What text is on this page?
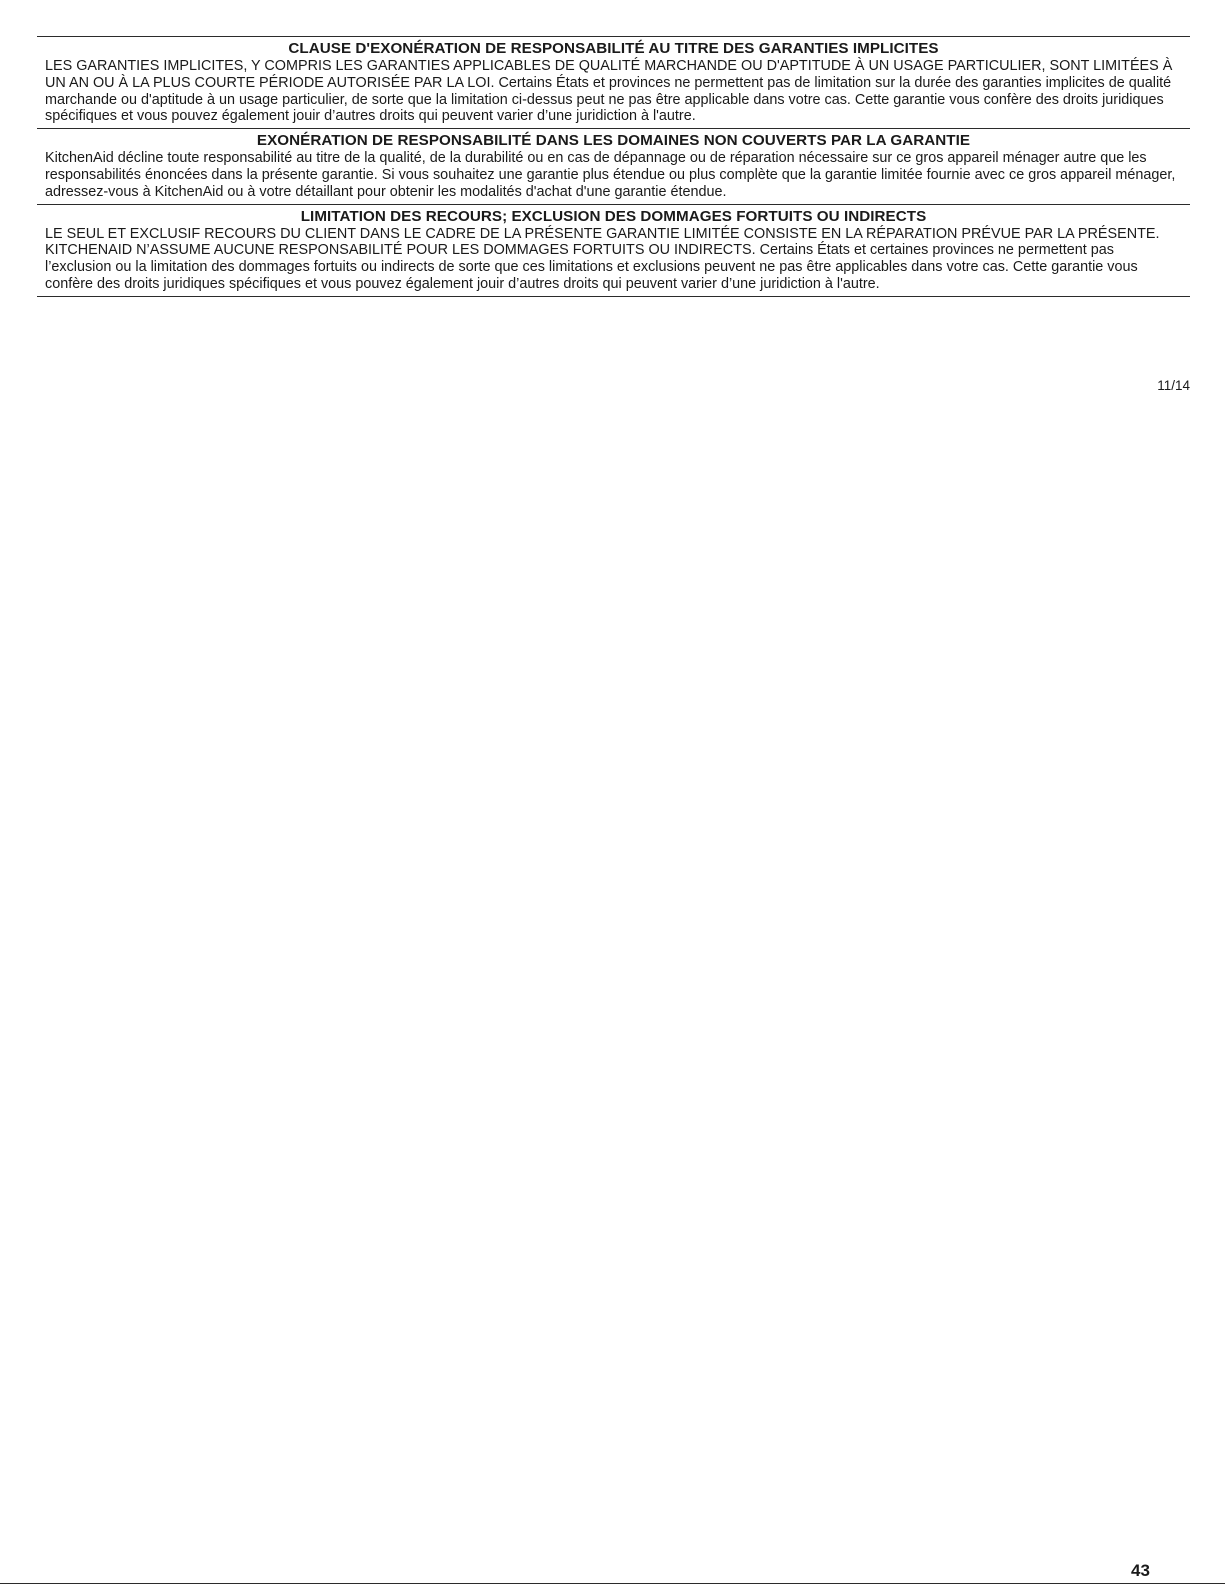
CLAUSE D'EXONÉRATION DE RESPONSABILITÉ AU TITRE DES GARANTIES IMPLICITES

LES GARANTIES IMPLICITES, Y COMPRIS LES GARANTIES APPLICABLES DE QUALITÉ MARCHANDE OU D'APTITUDE À UN USAGE PARTICULIER, SONT LIMITÉES À UN AN OU À LA PLUS COURTE PÉRIODE AUTORISÉE PAR LA LOI. Certains États et provinces ne permettent pas de limitation sur la durée des garanties implicites de qualité marchande ou d'aptitude à un usage particulier, de sorte que la limitation ci-dessus peut ne pas être applicable dans votre cas. Cette garantie vous confère des droits juridiques spécifiques et vous pouvez également jouir d’autres droits qui peuvent varier d’une juridiction à l'autre.

EXONÉRATION DE RESPONSABILITÉ DANS LES DOMAINES NON COUVERTS PAR LA GARANTIE

KitchenAid décline toute responsabilité au titre de la qualité, de la durabilité ou en cas de dépannage ou de réparation nécessaire sur ce gros appareil ménager autre que les responsabilités énoncées dans la présente garantie. Si vous souhaitez une garantie plus étendue ou plus complète que la garantie limitée fournie avec ce gros appareil ménager, adressez-vous à KitchenAid ou à votre détaillant pour obtenir les modalités d'achat d'une garantie étendue.

LIMITATION DES RECOURS; EXCLUSION DES DOMMAGES FORTUITS OU INDIRECTS

LE SEUL ET EXCLUSIF RECOURS DU CLIENT DANS LE CADRE DE LA PRÉSENTE GARANTIE LIMITÉE CONSISTE EN LA RÉPARATION PRÉVUE PAR LA PRÉSENTE. KITCHENAID N’ASSUME AUCUNE RESPONSABILITÉ POUR LES DOMMAGES FORTUITS OU INDIRECTS. Certains États et certaines provinces ne permettent pas l’exclusion ou la limitation des dommages fortuits ou indirects de sorte que ces limitations et exclusions peuvent ne pas être applicables dans votre cas. Cette garantie vous confère des droits juridiques spécifiques et vous pouvez également jouir d’autres droits qui peuvent varier d’une juridiction à l'autre.

11/14
43
